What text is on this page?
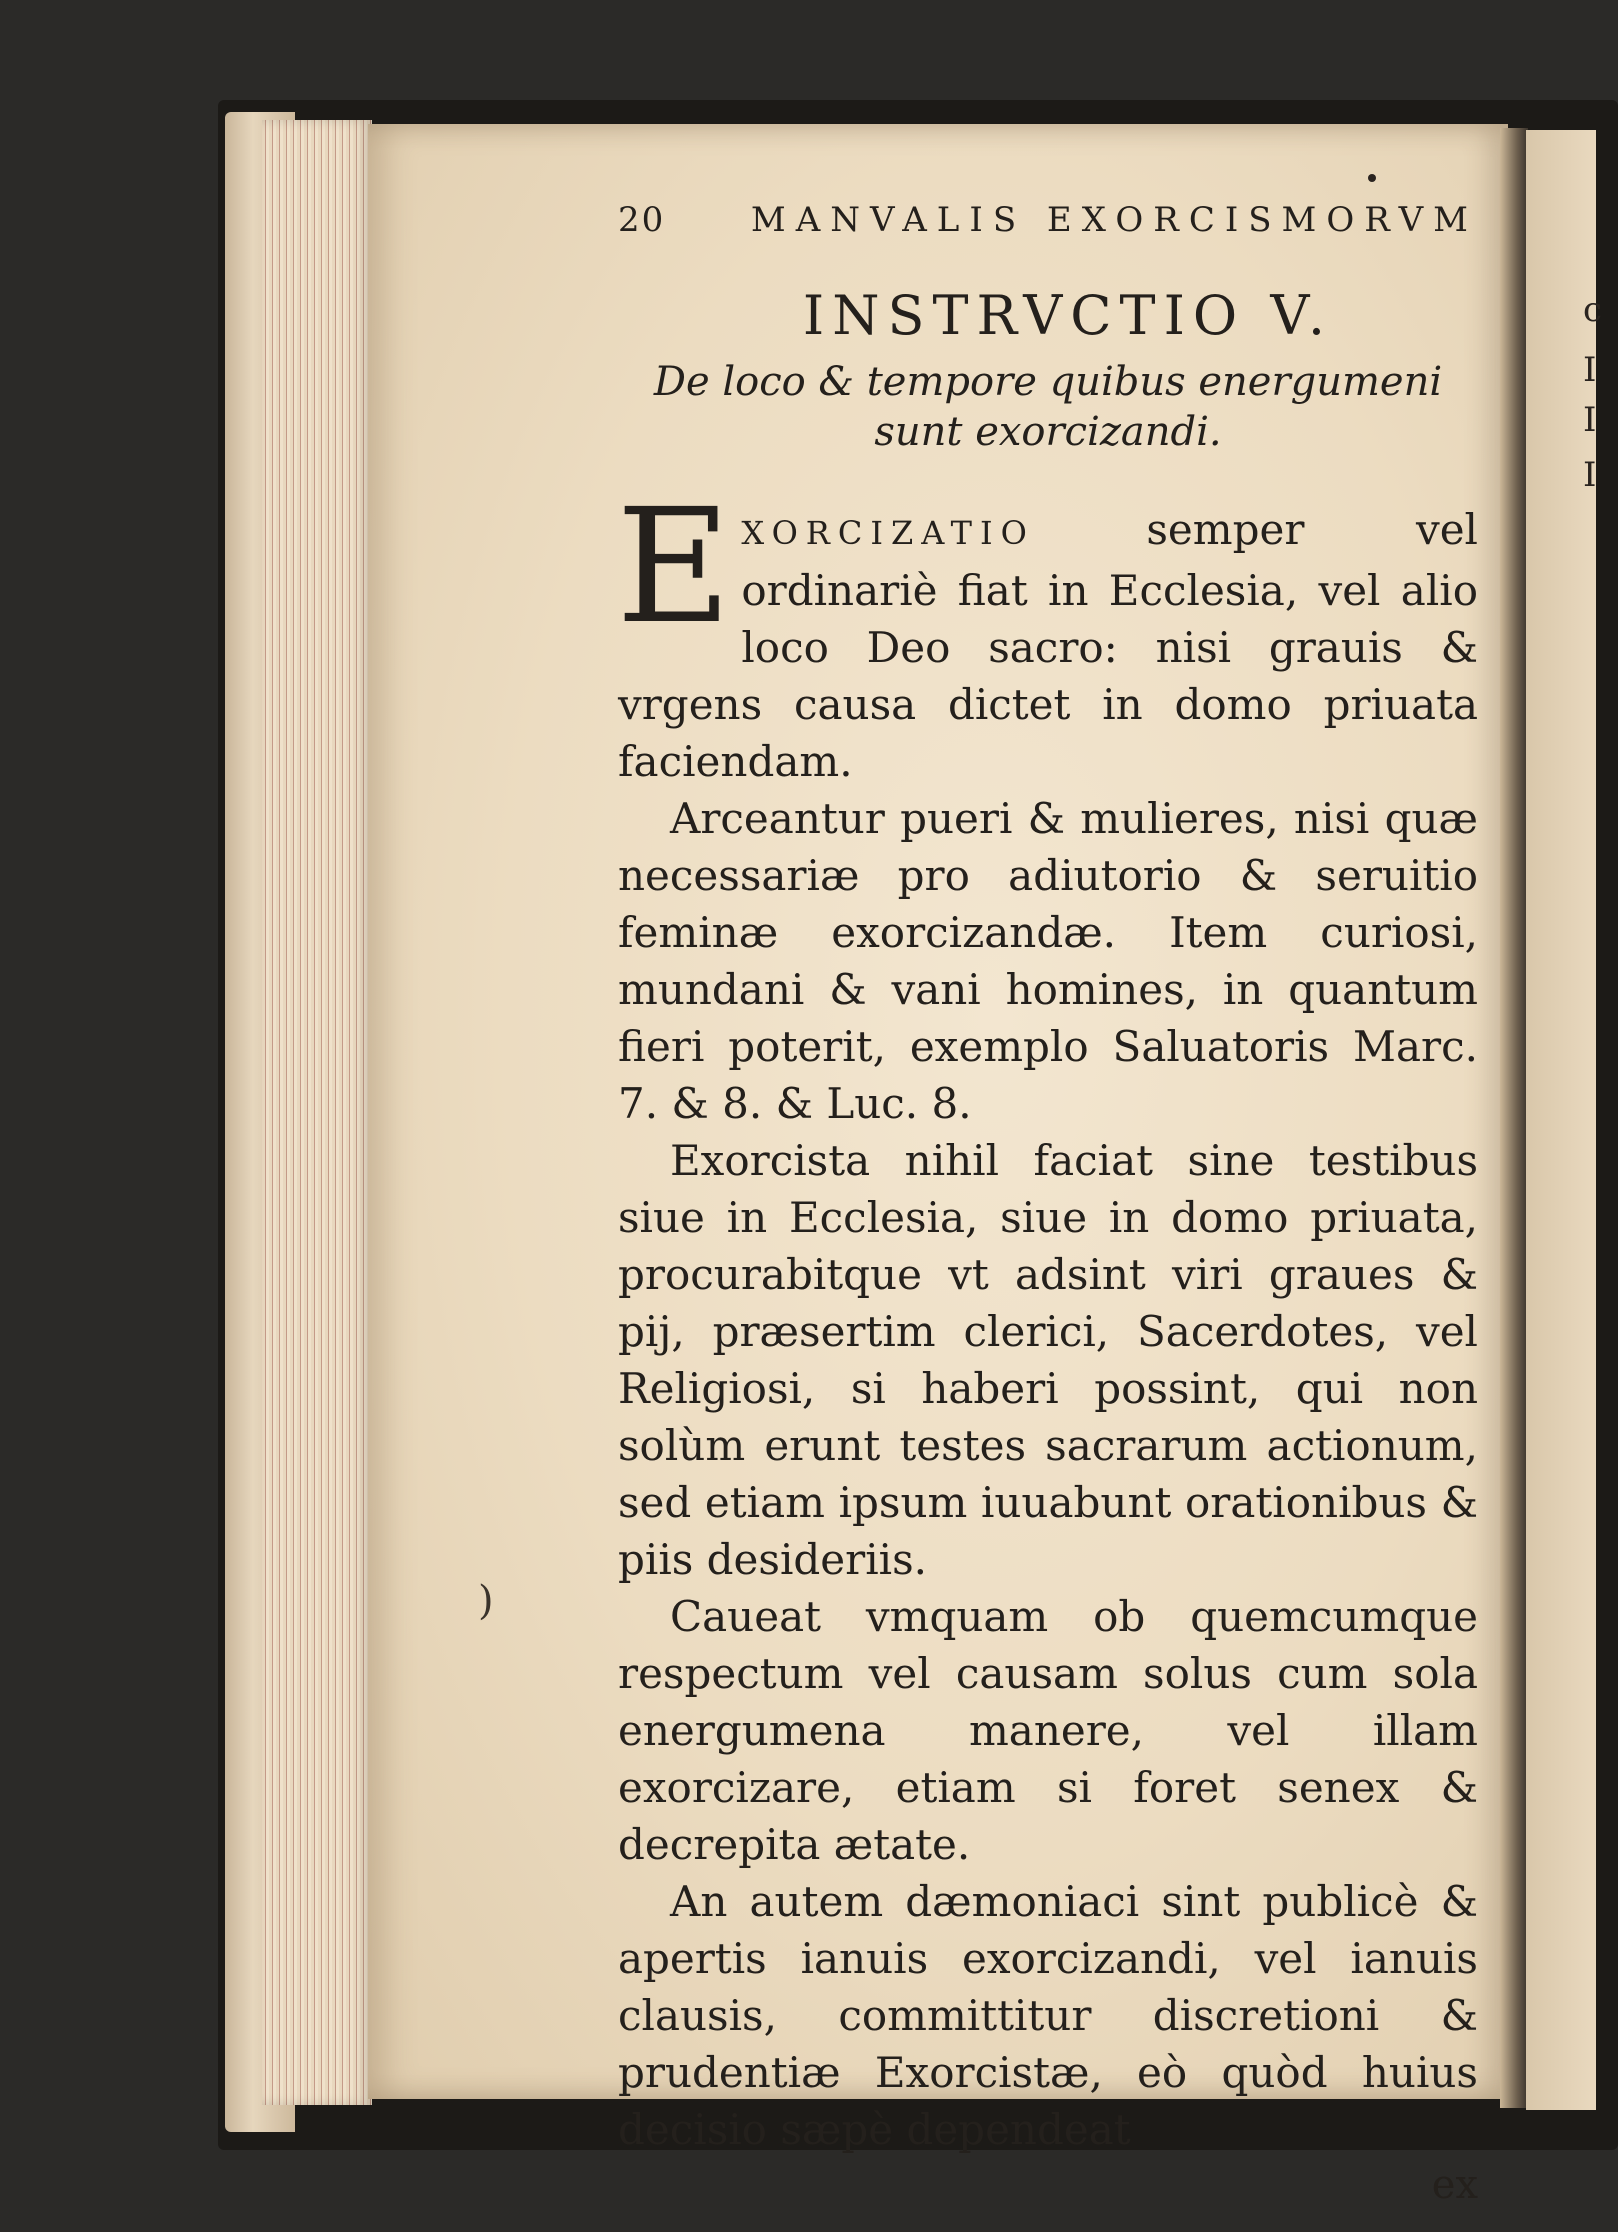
c
I
I
I
)
20	MANVALIS EXORCISMORVM
INSTRVCTIO V.
De loco & tempore quibus energumeni
sunt exorcizandi.

EXORCIZATIO semper vel ordinariè fiat in Ecclesia, vel alio loco Deo sacro: nisi grauis & vrgens causa dictet in domo priuata faciendam.

Arceantur pueri & mulieres, nisi quæ necessariæ pro adiutorio & seruitio feminæ exorcizandæ. Item curiosi, mundani & vani homines, in quantum fieri poterit, exemplo Saluatoris Marc. 7. & 8. & Luc. 8.

Exorcista nihil faciat sine testibus siue in Ecclesia, siue in domo priuata, procurabitque vt adsint viri graues & pij, præsertim clerici, Sacerdotes, vel Religiosi, si haberi possint, qui non solùm erunt testes sacrarum actionum, sed etiam ipsum iuuabunt orationibus & piis desideriis.

Caueat vmquam ob quemcumque respectum vel causam solus cum sola energumena manere, vel illam exorcizare, etiam si foret senex & decrepita ætate.

An autem dæmoniaci sint publicè & apertis ianuis exorcizandi, vel ianuis clausis, committitur discretioni & prudentiæ Exorcistæ, eò quòd huius decisio sæpè dependeat

ex
